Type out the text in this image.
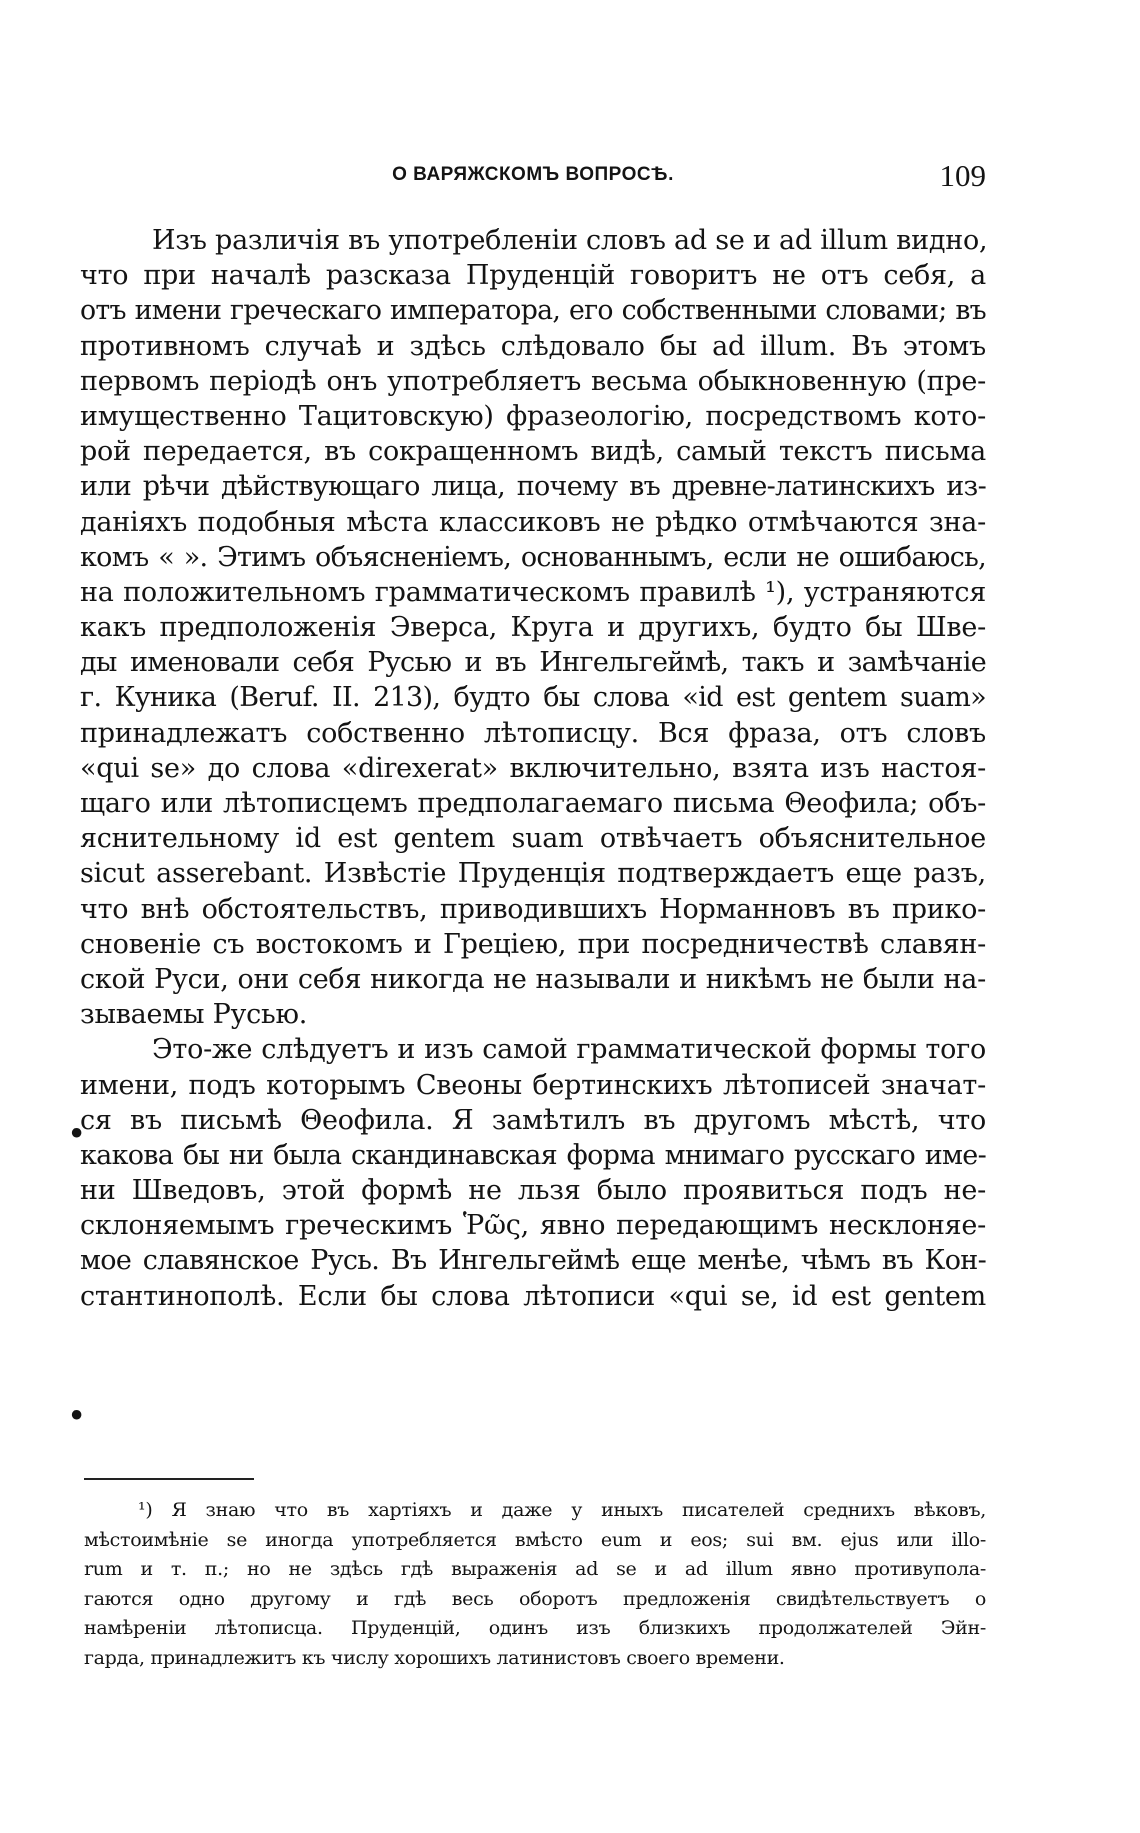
О ВАРЯЖСКОМЪ ВОПРОСѢ.	109
Изъ различія въ употребленіи словъ ad se и ad illum видно,
что при началѣ разсказа Пруденцій говоритъ не отъ себя, а
отъ имени греческаго императора, его собственными словами; въ
противномъ случаѣ и здѣсь слѣдовало бы ad illum. Въ этомъ
первомъ періодѣ онъ употребляетъ весьма обыкновенную (пре-
имущественно Тацитовскую) фразеологію, посредствомъ кото-
рой передается, въ сокращенномъ видѣ, самый текстъ письма
или рѣчи дѣйствующаго лица, почему въ древне-латинскихъ из-
даніяхъ подобныя мѣста классиковъ не рѣдко отмѣчаются зна-
комъ « ». Этимъ объясненіемъ, основаннымъ, если не ошибаюсь,
на положительномъ грамматическомъ правилѣ ¹), устраняются
какъ предположенія Эверса, Круга и другихъ, будто бы Шве-
ды именовали себя Русью и въ Ингельгеймѣ, такъ и замѣчаніе
г. Куника (Beruf. II. 213), будто бы слова «id est gentem suam»
принадлежатъ собственно лѣтописцу. Вся фраза, отъ словъ
«qui se» до слова «direxerat» включительно, взята изъ настоя-
щаго или лѣтописцемъ предполагаемаго письма Θеофила; объ-
яснительному id est gentem suam отвѣчаетъ объяснительное
sicut asserebant. Извѣстіе Пруденція подтверждаетъ еще разъ,
что внѣ обстоятельствъ, приводившихъ Норманновъ въ прико-
сновеніе съ востокомъ и Греціею, при посредничествѣ славян-
ской Руси, они себя никогда не называли и никѣмъ не были на-
зываемы Русью.
Это-же слѣдуетъ и изъ самой грамматической формы того
имени, подъ которымъ Свеоны бертинскихъ лѣтописей значат-
ся въ письмѣ Θеофила. Я замѣтилъ въ другомъ мѣстѣ, что
какова бы ни была скандинавская форма мнимаго русскаго име-
ни Шведовъ, этой формѣ не льзя было проявиться подъ не-
склоняемымъ греческимъ Ῥῶς, явно передающимъ несклоняе-
мое славянское Русь. Въ Ингельгеймѣ еще менѣе, чѣмъ въ Кон-
стантинополѣ. Если бы слова лѣтописи «qui se, id est gentem
•
•
¹) Я знаю что въ хартіяхъ и даже у иныхъ писателей среднихъ вѣковъ,
мѣстоимѣніе se иногда употребляется вмѣсто eum и eos; sui вм. ejus или illo-
rum и т. п.; но не здѣсь гдѣ выраженія ad se и ad illum явно противупола-
гаются одно другому и гдѣ весь оборотъ предложенія свидѣтельствуетъ о
намѣреніи лѣтописца. Пруденцій, одинъ изъ близкихъ продолжателей Эйн-
гарда, принадлежитъ къ числу хорошихъ латинистовъ своего времени.
